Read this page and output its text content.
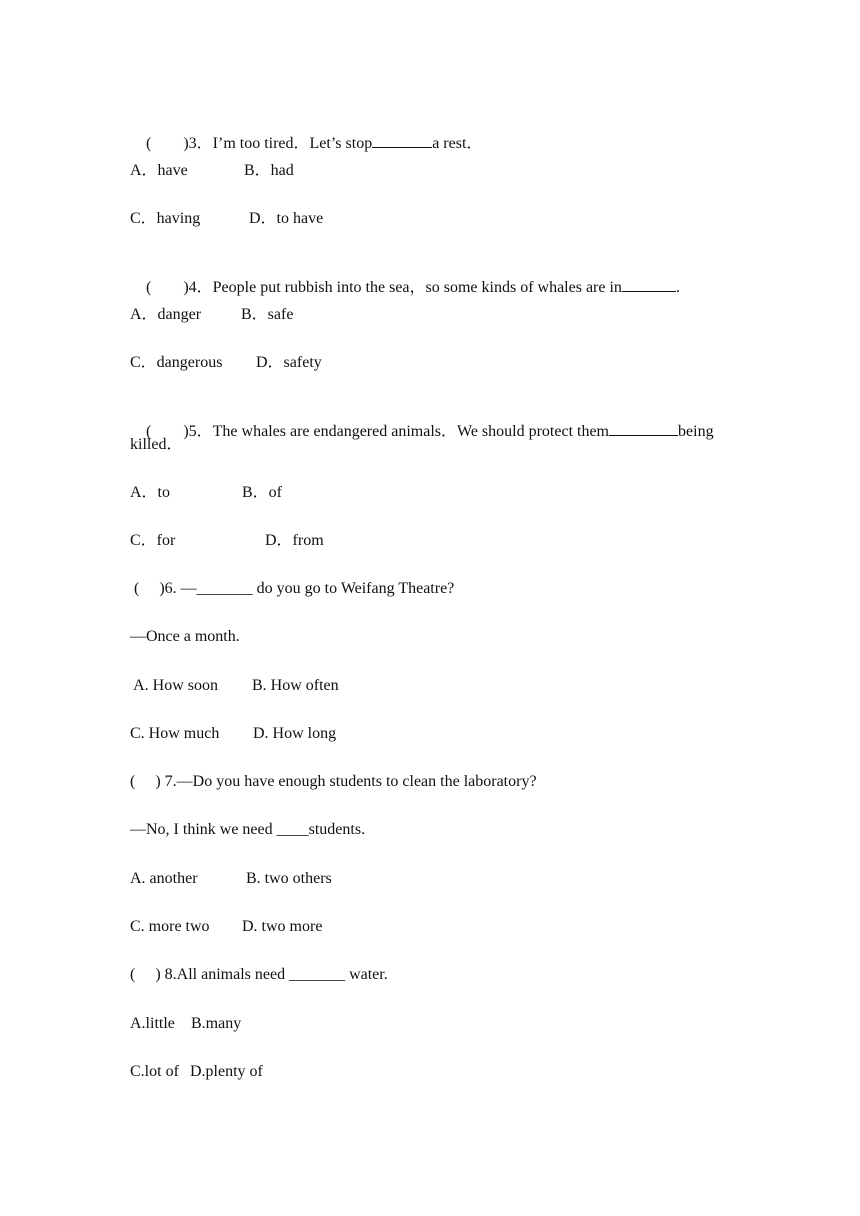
(        )3．I’m too tired．Let’s stop	a rest．

A．have

	B．had

C．having

	D．to have

(        )4．People put rubbish into the sea，so some kinds of whales are in	.

A．danger

B．safe

C．dangerous

D．safety

(        )5．The whales are endangered animals．We should protect them	being

killed．

A．to

	B．of

C．for

	D．from

(     )6. —_______ do you go to Weifang Theatre?
—Once a month.

A. How soon

B. How often

C. How much

D. How long

(     ) 7.—Do you have enough students to clean the laboratory?
—No, I think we need ____students.

A. another

	B. two others

C. more two

D. two more

(     ) 8.All animals need _______ water.

A.little

B.many

C.lot of

D.plenty of
